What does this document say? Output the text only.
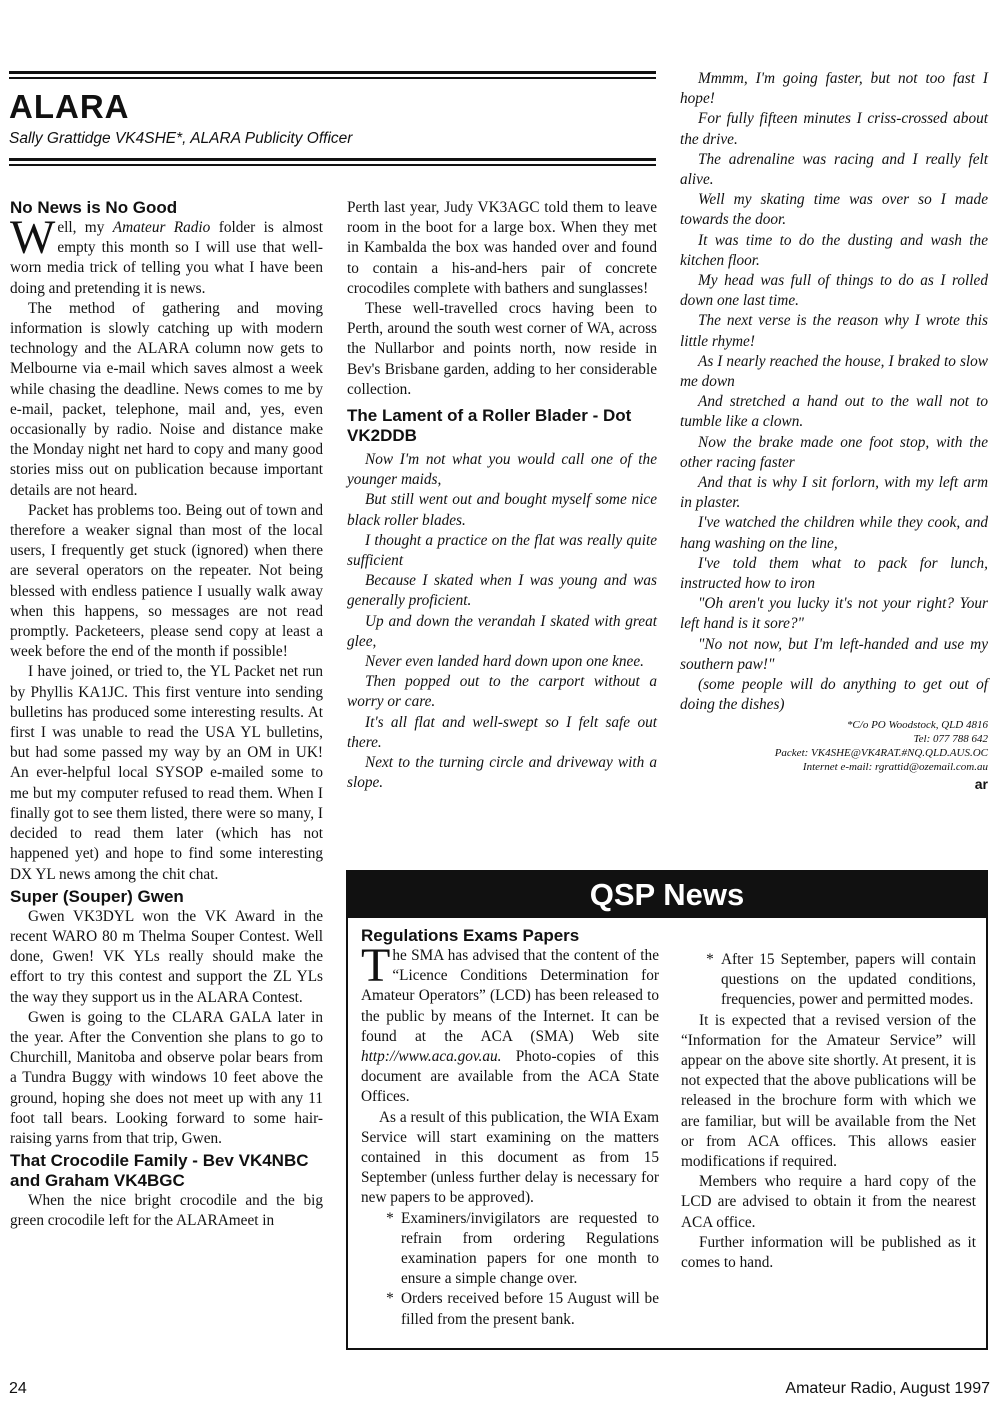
ALARA
Sally Grattidge VK4SHE*, ALARA Publicity Officer
No News is No Good

Well, my Amateur Radio folder is almost empty this month so I will use that well-worn media trick of telling you what I have been doing and pretending it is news.

The method of gathering and moving information is slowly catching up with modern technology and the ALARA column now gets to Melbourne via e-mail which saves almost a week while chasing the deadline. News comes to me by e-mail, packet, telephone, mail and, yes, even occasionally by radio. Noise and distance make the Monday night net hard to copy and many good stories miss out on publication because important details are not heard.

Packet has problems too. Being out of town and therefore a weaker signal than most of the local users, I frequently get stuck (ignored) when there are several operators on the repeater. Not being blessed with endless patience I usually walk away when this happens, so messages are not read promptly. Packeteers, please send copy at least a week before the end of the month if possible!

I have joined, or tried to, the YL Packet net run by Phyllis KA1JC. This first venture into sending bulletins has produced some interesting results. At first I was unable to read the USA YL bulletins, but had some passed my way by an OM in UK! An ever-helpful local SYSOP e-mailed some to me but my computer refused to read them. When I finally got to see them listed, there were so many, I decided to read them later (which has not happened yet) and hope to find some interesting DX YL news among the chit chat.

Super (Souper) Gwen

Gwen VK3DYL won the VK Award in the recent WARO 80 m Thelma Souper Contest. Well done, Gwen! VK YLs really should make the effort to try this contest and support the ZL YLs the way they support us in the ALARA Contest.

Gwen is going to the CLARA GALA later in the year. After the Convention she plans to go to Churchill, Manitoba and observe polar bears from a Tundra Buggy with windows 10 feet above the ground, hoping she does not meet up with any 11 foot tall bears. Looking forward to some hair-raising yarns from that trip, Gwen.

That Crocodile Family - Bev VK4NBC and Graham VK4BGC

When the nice bright crocodile and the big green crocodile left for the ALARAmeet in

Perth last year, Judy VK3AGC told them to leave room in the boot for a large box. When they met in Kambalda the box was handed over and found to contain a his-and-hers pair of concrete crocodiles complete with bathers and sunglasses!

These well-travelled crocs having been to Perth, around the south west corner of WA, across the Nullarbor and points north, now reside in Bev's Brisbane garden, adding to her considerable collection.

The Lament of a Roller Blader - Dot VK2DDB

Now I'm not what you would call one of the younger maids,

But still went out and bought myself some nice black roller blades.

I thought a practice on the flat was really quite sufficient

Because I skated when I was young and was generally proficient.

Up and down the verandah I skated with great glee,

Never even landed hard down upon one knee.

Then popped out to the carport without a worry or care.

It's all flat and well-swept so I felt safe out there.

Next to the turning circle and driveway with a slope.

Mmmm, I'm going faster, but not too fast I hope!

For fully fifteen minutes I criss-crossed about the drive.

The adrenaline was racing and I really felt alive.

Well my skating time was over so I made towards the door.

It was time to do the dusting and wash the kitchen floor.

My head was full of things to do as I rolled down one last time.

The next verse is the reason why I wrote this little rhyme!

As I nearly reached the house, I braked to slow me down

And stretched a hand out to the wall not to tumble like a clown.

Now the brake made one foot stop, with the other racing faster

And that is why I sit forlorn, with my left arm in plaster.

I've watched the children while they cook, and hang washing on the line,

I've told them what to pack for lunch, instructed how to iron

"Oh aren't you lucky it's not your right? Your left hand is it sore?"

"No not now, but I'm left-handed and use my southern paw!"

(some people will do anything to get out of doing the dishes)

*C/o PO Woodstock, QLD 4816

Tel: 077 788 642

Packet: VK4SHE@VK4RAT.#NQ.QLD.AUS.OC

Internet e-mail: rgrattid@ozemail.com.au

ar

QSP News
Regulations Exams Papers

The SMA has advised that the content of the “Licence Conditions Determination for Amateur Operators” (LCD) has been released to the public by means of the Internet. It can be found at the ACA (SMA) Web site http://www.aca.gov.au. Photo-copies of this document are available from the ACA State Offices.

As a result of this publication, the WIA Exam Service will start examining on the matters contained in this document as from 15 September (unless further delay is necessary for new papers to be approved).

* Examiners/invigilators are requested to refrain from ordering Regulations examination papers for one month to ensure a simple change over.
* Orders received before 15 August will be filled from the present bank.
* After 15 September, papers will contain questions on the updated conditions, frequencies, power and permitted modes.

It is expected that a revised version of the “Information for the Amateur Service” will appear on the above site shortly. At present, it is not expected that the above publications will be released in the brochure form with which we are familiar, but will be available from the Net or from ACA offices. This allows easier modifications if required.

Members who require a hard copy of the LCD are advised to obtain it from the nearest ACA office.

Further information will be published as it comes to hand.

24	Amateur Radio, August 1997
